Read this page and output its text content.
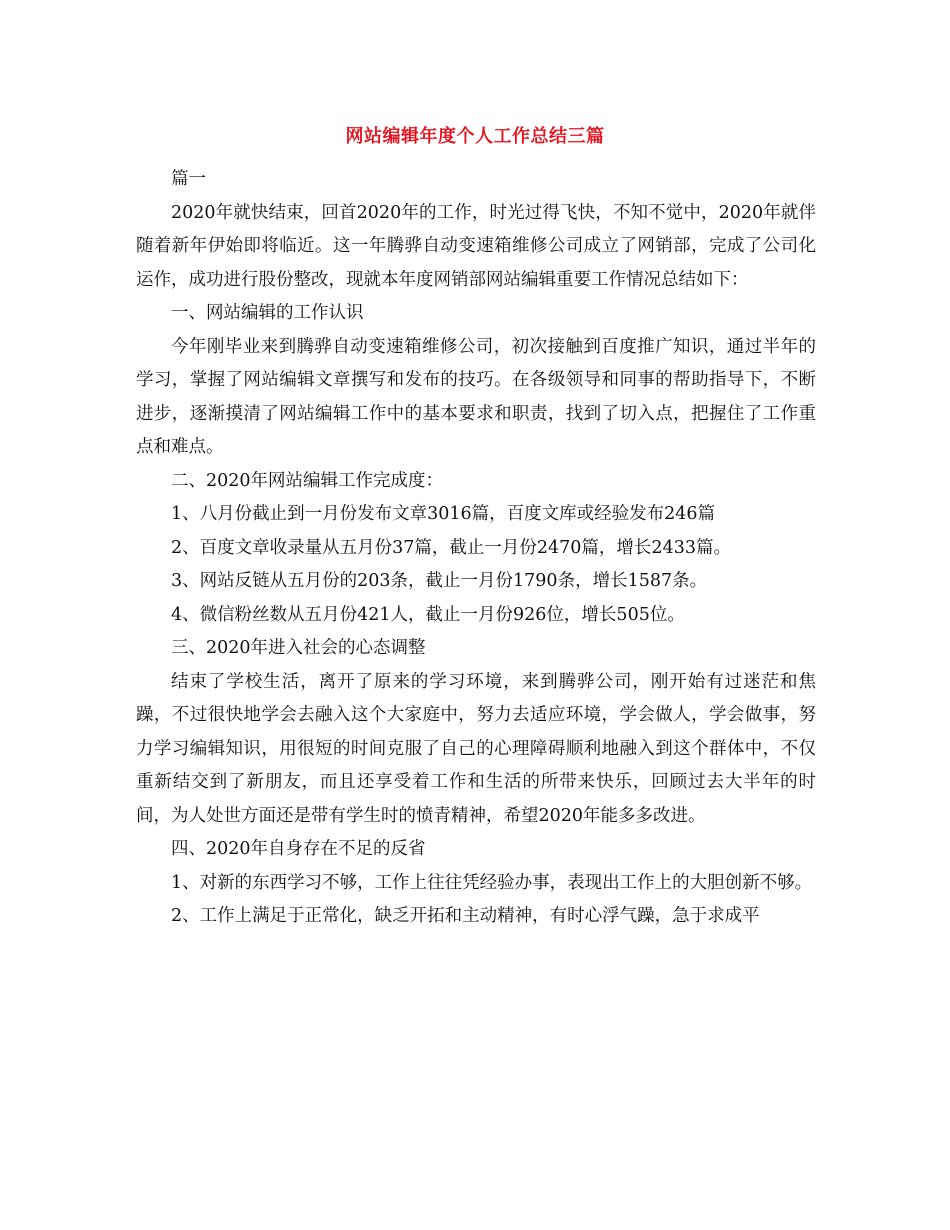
网站编辑年度个人工作总结三篇

篇一

2020年就快结束，回首2020年的工作，时光过得飞快，不知不觉中，2020年就伴随着新年伊始即将临近。这一年腾骅自动变速箱维修公司成立了网销部，完成了公司化运作，成功进行股份整改，现就本年度网销部网站编辑重要工作情况总结如下：

一、网站编辑的工作认识

今年刚毕业来到腾骅自动变速箱维修公司，初次接触到百度推广知识，通过半年的学习，掌握了网站编辑文章撰写和发布的技巧。在各级领导和同事的帮助指导下，不断进步，逐渐摸清了网站编辑工作中的基本要求和职责，找到了切入点，把握住了工作重点和难点。

二、2020年网站编辑工作完成度：

1、八月份截止到一月份发布文章3016篇，百度文库或经验发布246篇

2、百度文章收录量从五月份37篇，截止一月份2470篇，增长2433篇。

3、网站反链从五月份的203条，截止一月份1790条，增长1587条。

4、微信粉丝数从五月份421人，截止一月份926位，增长505位。

三、2020年进入社会的心态调整

结束了学校生活，离开了原来的学习环境，来到腾骅公司，刚开始有过迷茫和焦躁，不过很快地学会去融入这个大家庭中，努力去适应环境，学会做人，学会做事，努力学习编辑知识，用很短的时间克服了自己的心理障碍顺利地融入到这个群体中，不仅重新结交到了新朋友，而且还享受着工作和生活的所带来快乐，回顾过去大半年的时间，为人处世方面还是带有学生时的愤青精神，希望2020年能多多改进。

四、2020年自身存在不足的反省

1、对新的东西学习不够，工作上往往凭经验办事，表现出工作上的大胆创新不够。

2、工作上满足于正常化，缺乏开拓和主动精神，有时心浮气躁，急于求成平
